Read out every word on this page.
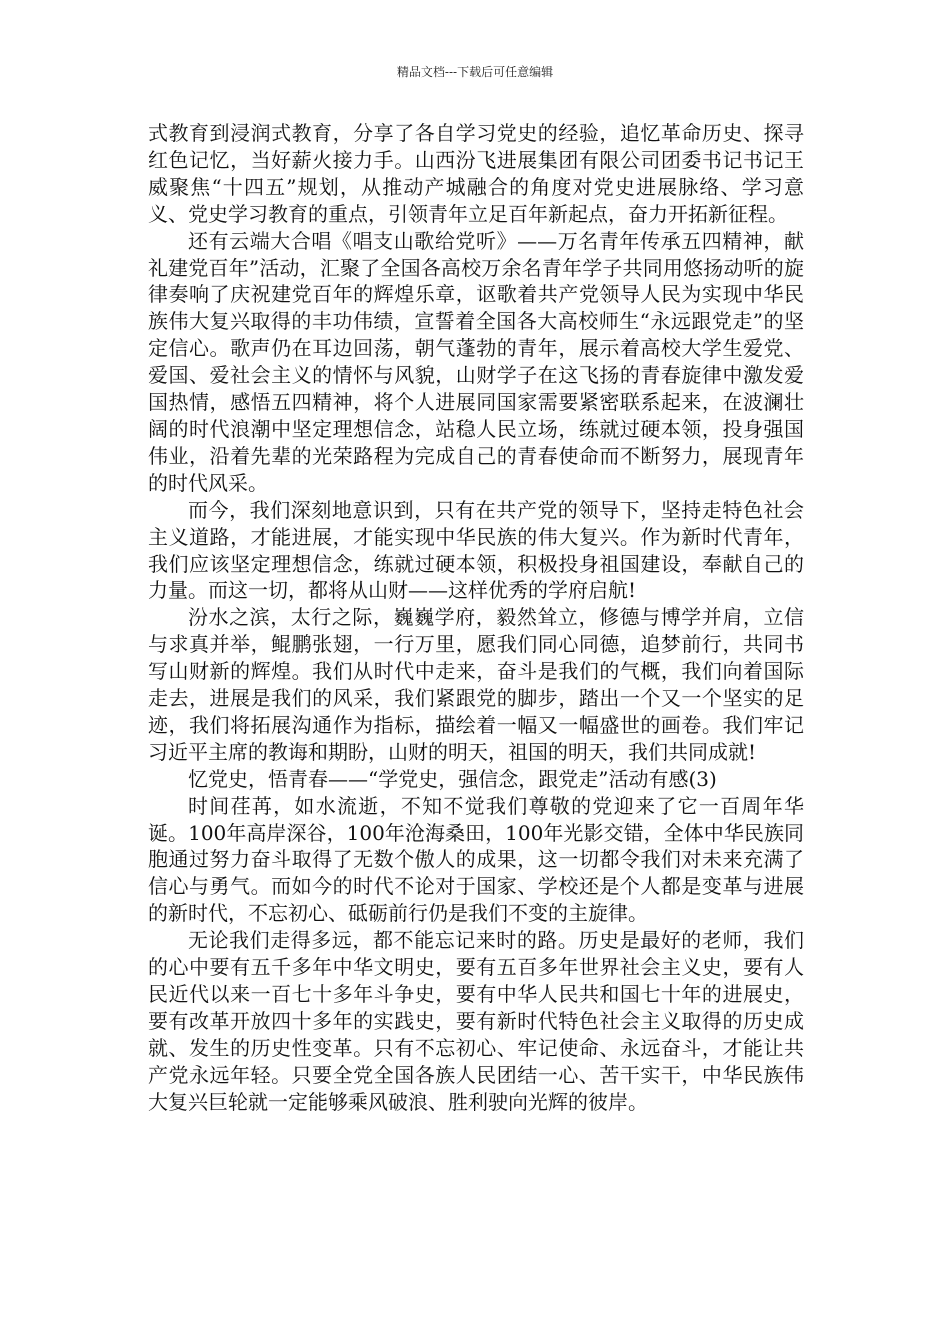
精品文档---下载后可任意编辑

式教育到浸润式教育，分享了各自学习党史的经验，追忆革命历史、探寻红色记忆，当好薪火接力手。山西汾飞进展集团有限公司团委书记书记王威聚焦“十四五”规划，从推动产城融合的角度对党史进展脉络、学习意义、党史学习教育的重点，引领青年立足百年新起点，奋力开拓新征程。

还有云端大合唱《唱支山歌给党听》——万名青年传承五四精神，献礼建党百年”活动，汇聚了全国各高校万余名青年学子共同用悠扬动听的旋律奏响了庆祝建党百年的辉煌乐章，讴歌着共产党领导人民为实现中华民族伟大复兴取得的丰功伟绩，宣誓着全国各大高校师生“永远跟党走”的坚定信心。歌声仍在耳边回荡，朝气蓬勃的青年，展示着高校大学生爱党、爱国、爱社会主义的情怀与风貌，山财学子在这飞扬的青春旋律中激发爱国热情，感悟五四精神，将个人进展同国家需要紧密联系起来，在波澜壮阔的时代浪潮中坚定理想信念，站稳人民立场，练就过硬本领，投身强国伟业，沿着先辈的光荣路程为完成自己的青春使命而不断努力，展现青年的时代风采。

而今，我们深刻地意识到，只有在共产党的领导下，坚持走特色社会主义道路，才能进展，才能实现中华民族的伟大复兴。作为新时代青年，我们应该坚定理想信念，练就过硬本领，积极投身祖国建设，奉献自己的力量。而这一切，都将从山财——这样优秀的学府启航!

汾水之滨，太行之际，巍巍学府，毅然耸立，修德与博学并肩，立信与求真并举，鲲鹏张翅，一行万里，愿我们同心同德，追梦前行，共同书写山财新的辉煌。我们从时代中走来，奋斗是我们的气概，我们向着国际走去，进展是我们的风采，我们紧跟党的脚步，踏出一个又一个坚实的足迹，我们将拓展沟通作为指标，描绘着一幅又一幅盛世的画卷。我们牢记习近平主席的教诲和期盼，山财的明天，祖国的明天，我们共同成就!

忆党史，悟青春——“学党史，强信念，跟党走”活动有感(3)

时间荏苒，如水流逝，不知不觉我们尊敬的党迎来了它一百周年华诞。100年高岸深谷，100年沧海桑田，100年光影交错，全体中华民族同胞通过努力奋斗取得了无数个傲人的成果，这一切都令我们对未来充满了信心与勇气。而如今的时代不论对于国家、学校还是个人都是变革与进展的新时代，不忘初心、砥砺前行仍是我们不变的主旋律。

无论我们走得多远，都不能忘记来时的路。历史是最好的老师，我们的心中要有五千多年中华文明史，要有五百多年世界社会主义史，要有人民近代以来一百七十多年斗争史，要有中华人民共和国七十年的进展史，要有改革开放四十多年的实践史，要有新时代特色社会主义取得的历史成就、发生的历史性变革。只有不忘初心、牢记使命、永远奋斗，才能让共产党永远年轻。只要全党全国各族人民团结一心、苦干实干，中华民族伟大复兴巨轮就一定能够乘风破浪、胜利驶向光辉的彼岸。
